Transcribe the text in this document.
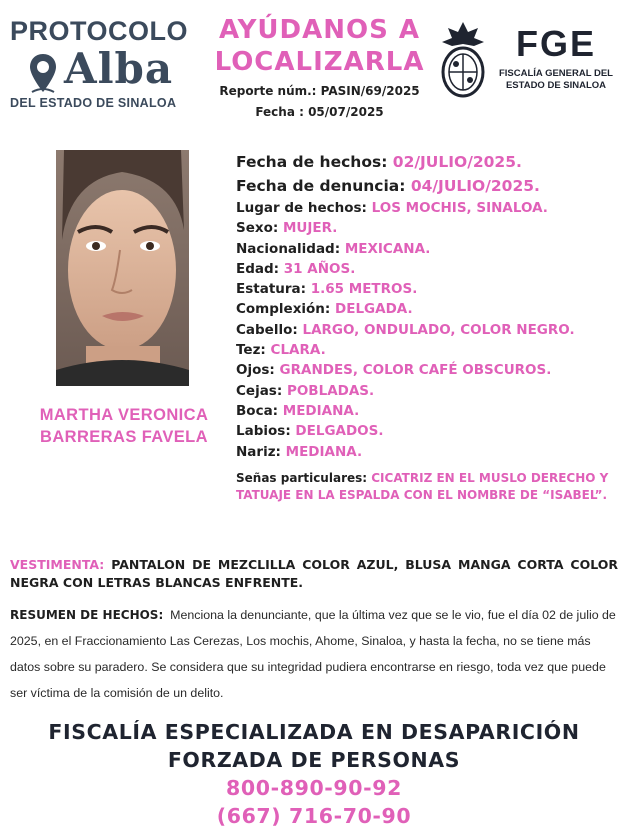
PROTOCOLO
Alba
DEL ESTADO DE SINALOA
AYÚDANOS A
LOCALIZARLA
Reporte núm.: PASIN/69/2025
Fecha : 05/07/2025
FGE
FISCALÍA GENERAL DEL
ESTADO DE SINALOA
MARTHA VERONICA
BARRERAS FAVELA
Fecha de hechos: 02/JULIO/2025.
Fecha de denuncia: 04/JULIO/2025.
Lugar de hechos: LOS MOCHIS, SINALOA.
Sexo: MUJER.
Nacionalidad: MEXICANA.
Edad: 31 AÑOS.
Estatura: 1.65 METROS.
Complexión: DELGADA.
Cabello: LARGO, ONDULADO, COLOR NEGRO.
Tez: CLARA.
Ojos: GRANDES, COLOR CAFÉ OBSCUROS.
Cejas: POBLADAS.
Boca: MEDIANA.
Labios: DELGADOS.
Nariz: MEDIANA.
Señas particulares: CICATRIZ EN EL MUSLO DERECHO Y
TATUAJE EN LA ESPALDA CON EL NOMBRE DE “ISABEL”.
VESTIMENTA: PANTALON DE MEZCLILLA COLOR AZUL, BLUSA MANGA CORTA COLOR NEGRA CON LETRAS BLANCAS ENFRENTE.
RESUMEN DE HECHOS: Menciona la denunciante, que la última vez que se le vio, fue el día 02 de julio de 2025, en el Fraccionamiento Las Cerezas, Los mochis, Ahome, Sinaloa, y hasta la fecha, no se tiene más datos sobre su paradero. Se considera que su integridad pudiera encontrarse en riesgo, toda vez que puede ser víctima de la comisión de un delito.
FISCALÍA ESPECIALIZADA EN DESAPARICIÓN
FORZADA DE PERSONAS
800-890-90-92
(667) 716-70-90
